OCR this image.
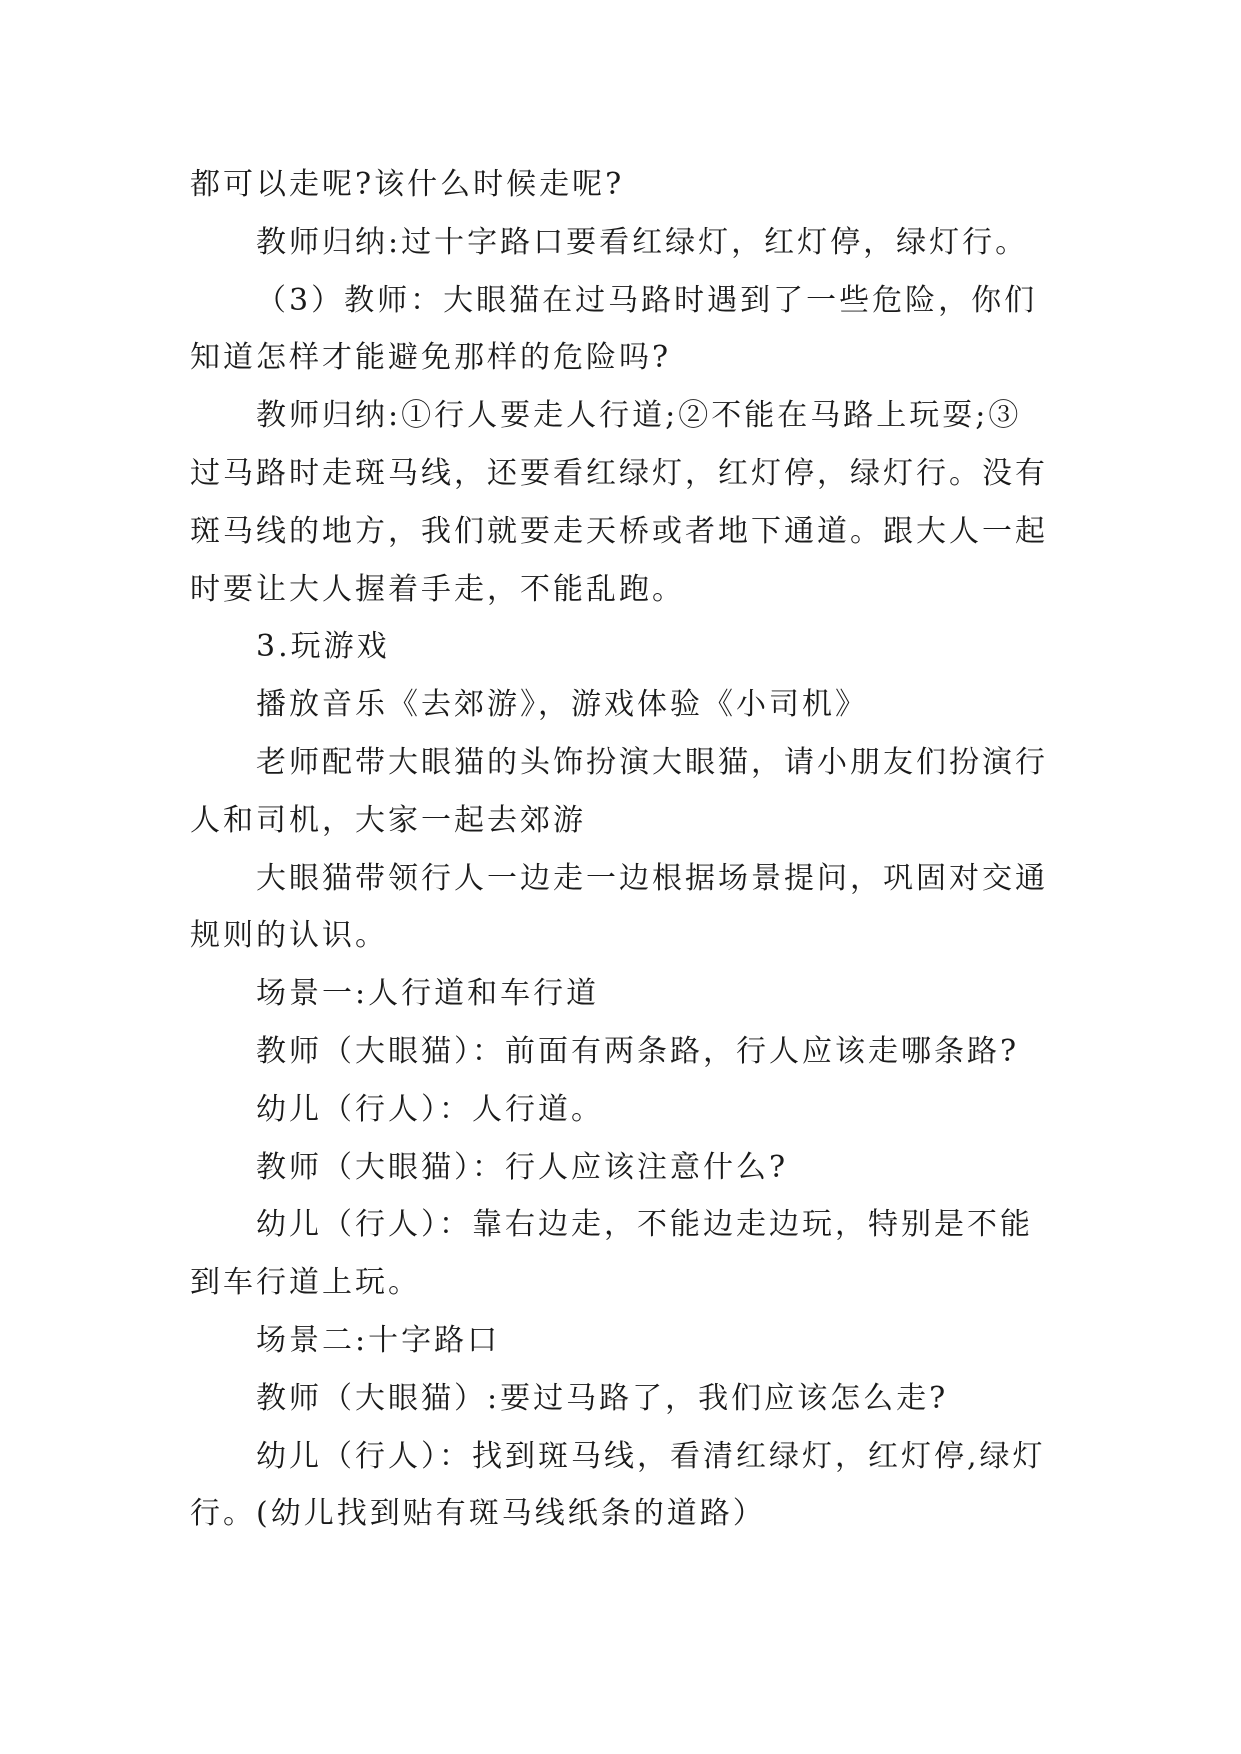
都可以走呢?该什么时候走呢?

教师归纳:过十字路口要看红绿灯，红灯停，绿灯行。

（3）教师：大眼猫在过马路时遇到了一些危险，你们

知道怎样才能避免那样的危险吗?

教师归纳:①行人要走人行道;②不能在马路上玩耍;③

过马路时走斑马线，还要看红绿灯，红灯停，绿灯行。没有

斑马线的地方，我们就要走天桥或者地下通道。跟大人一起

时要让大人握着手走，不能乱跑。

3.玩游戏

播放音乐《去郊游》，游戏体验《小司机》

老师配带大眼猫的头饰扮演大眼猫，请小朋友们扮演行

人和司机，大家一起去郊游

大眼猫带领行人一边走一边根据场景提问，巩固对交通

规则的认识。

场景一:人行道和车行道

教师（大眼猫）：前面有两条路，行人应该走哪条路?

幼儿（行人）：人行道。

教师（大眼猫）：行人应该注意什么?

幼儿（行人）：靠右边走，不能边走边玩，特别是不能

到车行道上玩。

场景二:十字路口

教师（大眼猫）:要过马路了，我们应该怎么走?

幼儿（行人）：找到斑马线，看清红绿灯，红灯停,绿灯

行。(幼儿找到贴有斑马线纸条的道路）
